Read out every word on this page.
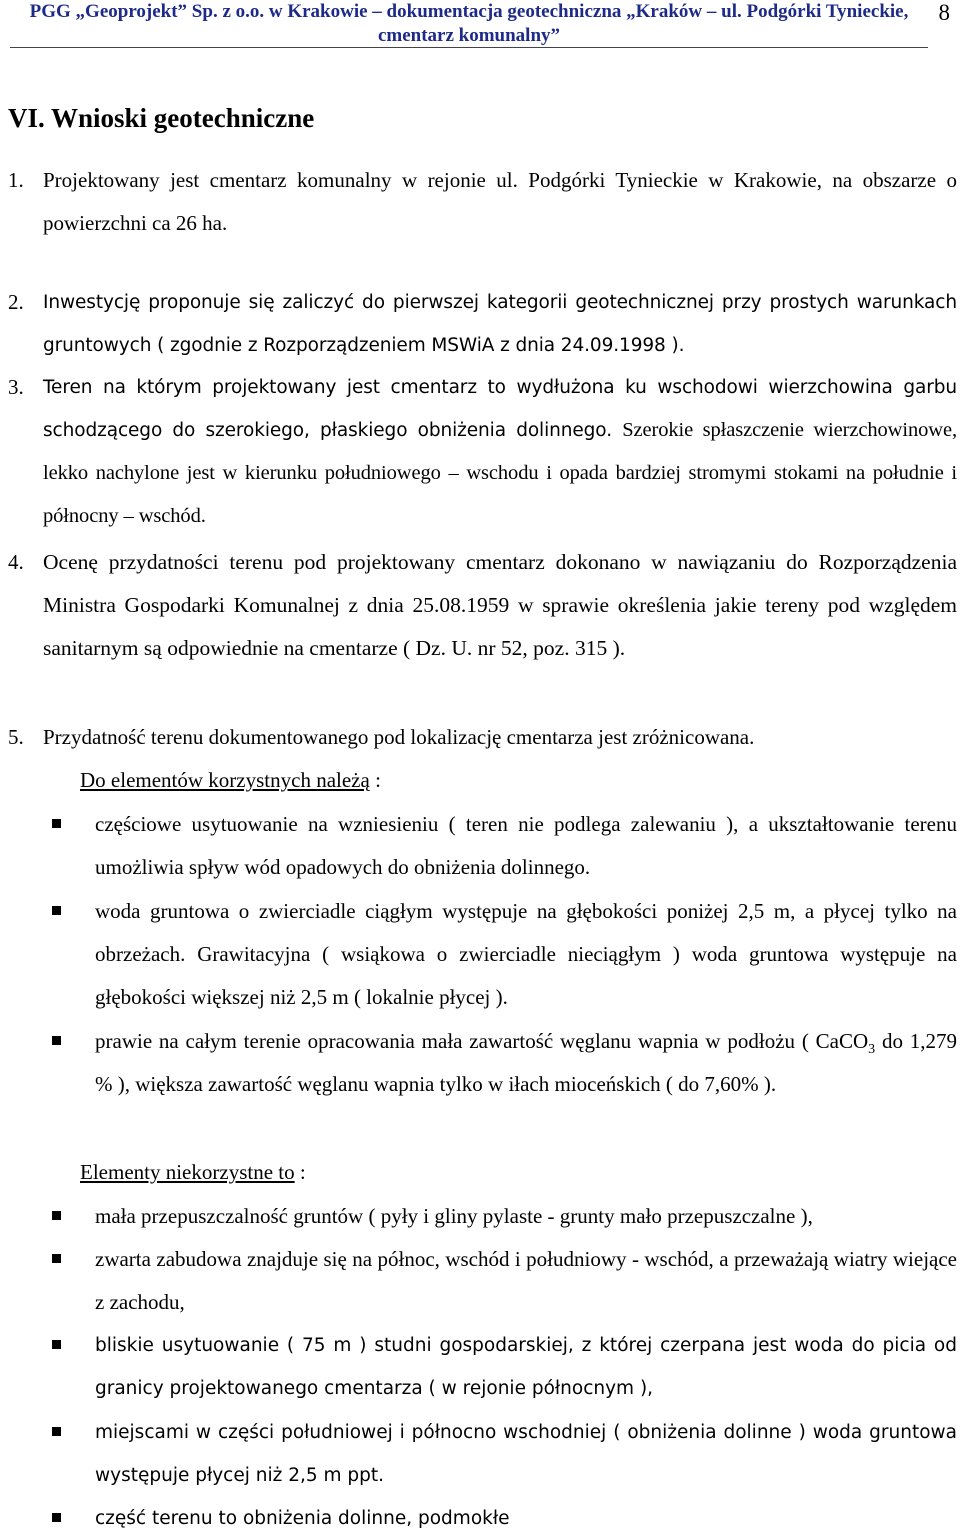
PGG „Geoprojekt” Sp. z o.o. w Krakowie – dokumentacja geotechniczna „Kraków – ul. Podgórki Tynieckie,
cmentarz komunalny”
8
VI. Wnioski geotechniczne
1. Projektowany jest cmentarz komunalny w rejonie ul. Podgórki Tynieckie w Krakowie, na obszarze o powierzchni ca 26 ha.
2. Inwestycję proponuje się zaliczyć do pierwszej kategorii geotechnicznej przy prostych warunkach gruntowych ( zgodnie z Rozporządzeniem MSWiA z dnia 24.09.1998 ).
3. Teren na którym projektowany jest cmentarz to wydłużona ku wschodowi wierzchowina garbu schodzącego do szerokiego, płaskiego obniżenia dolinnego. Szerokie spłaszczenie wierzchowinowe, lekko nachylone jest w kierunku południowego – wschodu i opada bardziej stromymi stokami na południe i północny – wschód.
4. Ocenę przydatności terenu pod projektowany cmentarz dokonano w nawiązaniu do Rozporządzenia Ministra Gospodarki Komunalnej z dnia 25.08.1959 w sprawie określenia jakie tereny pod względem sanitarnym są odpowiednie na cmentarze ( Dz. U. nr 52, poz. 315 ).
5. Przydatność terenu dokumentowanego pod lokalizację cmentarza jest zróżnicowana.
Do elementów korzystnych należą :
częściowe usytuowanie na wzniesieniu ( teren nie podlega zalewaniu ), a ukształtowanie terenu umożliwia spływ wód opadowych do obniżenia dolinnego.
woda gruntowa o zwierciadle ciągłym występuje na głębokości poniżej 2,5 m, a płycej tylko na obrzeżach. Grawitacyjna ( wsiąkowa o zwierciadle nieciągłym ) woda gruntowa występuje na głębokości większej niż 2,5 m ( lokalnie płycej ).
prawie na całym terenie opracowania mała zawartość węglanu wapnia w podłożu ( CaCO$_3$ do 1,279 % ), większa zawartość węglanu wapnia tylko w iłach mioceńskich ( do 7,60% ).
Elementy niekorzystne to :
mała przepuszczalność gruntów ( pyły i gliny pylaste - grunty mało przepuszczalne ),
zwarta zabudowa znajduje się na północ, wschód i południowy - wschód, a przeważają wiatry wiejące z zachodu,
bliskie usytuowanie ( 75 m ) studni gospodarskiej, z której czerpana jest woda do picia od granicy projektowanego cmentarza ( w rejonie północnym ),
miejscami w części południowej i północno wschodniej ( obniżenia dolinne ) woda gruntowa występuje płycej niż 2,5 m ppt.
część terenu to obniżenia dolinne, podmokłe
